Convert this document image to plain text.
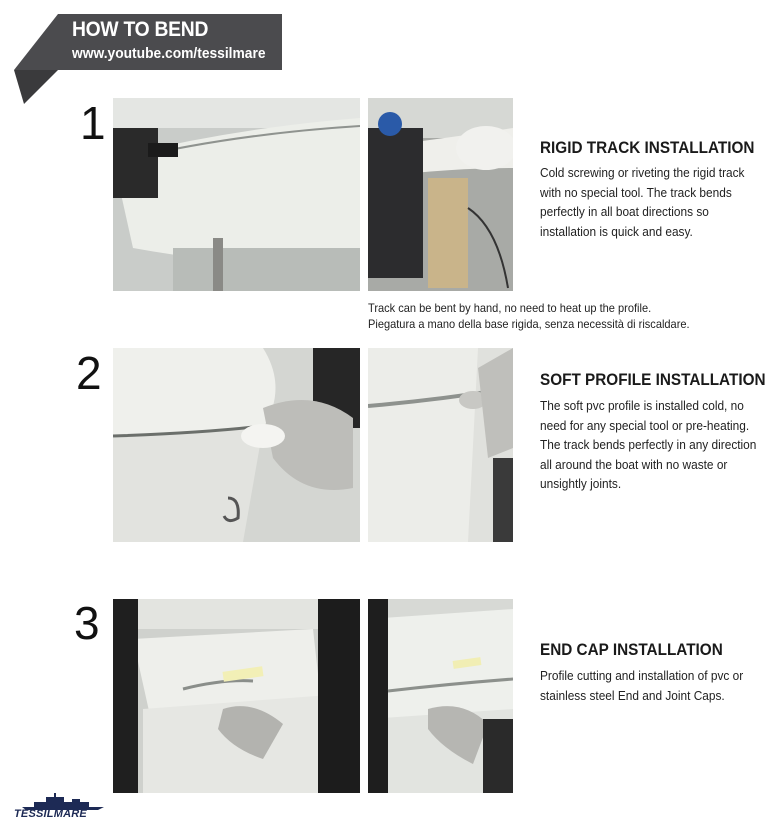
HOW TO BEND
www.youtube.com/tessilmare
1	RIGID TRACK INSTALLATION
Cold screwing or riveting the rigid track with no special tool. The track bends perfectly in all boat directions so installation is quick and easy.
Track can be bent by hand, no need to heat up the profile.
Piegatura a mano della base rigida, senza necessità di riscaldare.
2	SOFT PROFILE INSTALLATION
The soft pvc profile is installed cold, no need for any special tool or pre-heating. The track bends perfectly in any direction all around the boat with no waste or unsightly joints.
3
END CAP INSTALLATION
Profile cutting and installation of pvc or stainless steel End and Joint Caps.
TESSILMARE
